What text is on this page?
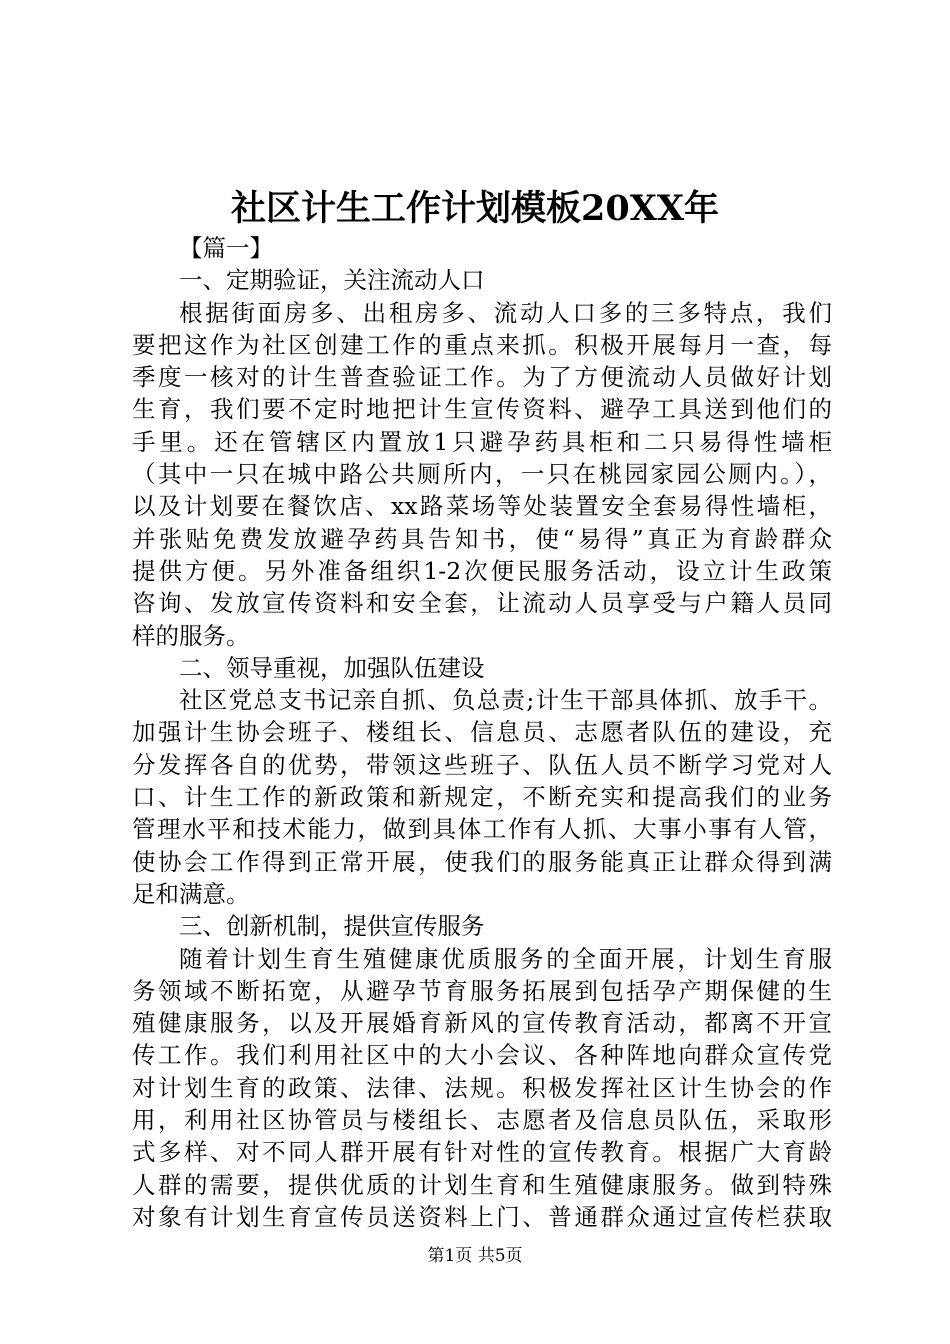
社区计生工作计划模板20XX年
【篇一】
一、定期验证，关注流动人口
根据街面房多、出租房多、流动人口多的三多特点，我们
要把这作为社区创建工作的重点来抓。积极开展每月一查，每
季度一核对的计生普查验证工作。为了方便流动人员做好计划
生育，我们要不定时地把计生宣传资料、避孕工具送到他们的
手里。还在管辖区内置放1只避孕药具柜和二只易得性墙柜
（其中一只在城中路公共厕所内，一只在桃园家园公厕内。），
以及计划要在餐饮店、xx路菜场等处装置安全套易得性墙柜，
并张贴免费发放避孕药具告知书，使“易得”真正为育龄群众
提供方便。另外准备组织1-2次便民服务活动，设立计生政策
咨询、发放宣传资料和安全套，让流动人员享受与户籍人员同
样的服务。
二、领导重视，加强队伍建设
社区党总支书记亲自抓、负总责;计生干部具体抓、放手干。
加强计生协会班子、楼组长、信息员、志愿者队伍的建设，充
分发挥各自的优势，带领这些班子、队伍人员不断学习党对人
口、计生工作的新政策和新规定，不断充实和提高我们的业务
管理水平和技术能力，做到具体工作有人抓、大事小事有人管，
使协会工作得到正常开展，使我们的服务能真正让群众得到满
足和满意。
三、创新机制，提供宣传服务
随着计划生育生殖健康优质服务的全面开展，计划生育服
务领域不断拓宽，从避孕节育服务拓展到包括孕产期保健的生
殖健康服务，以及开展婚育新风的宣传教育活动，都离不开宣
传工作。我们利用社区中的大小会议、各种阵地向群众宣传党
对计划生育的政策、法律、法规。积极发挥社区计生协会的作
用，利用社区协管员与楼组长、志愿者及信息员队伍，采取形
式多样、对不同人群开展有针对性的宣传教育。根据广大育龄
人群的需要，提供优质的计划生育和生殖健康服务。做到特殊
对象有计划生育宣传员送资料上门、普通群众通过宣传栏获取
第1页 共5页
